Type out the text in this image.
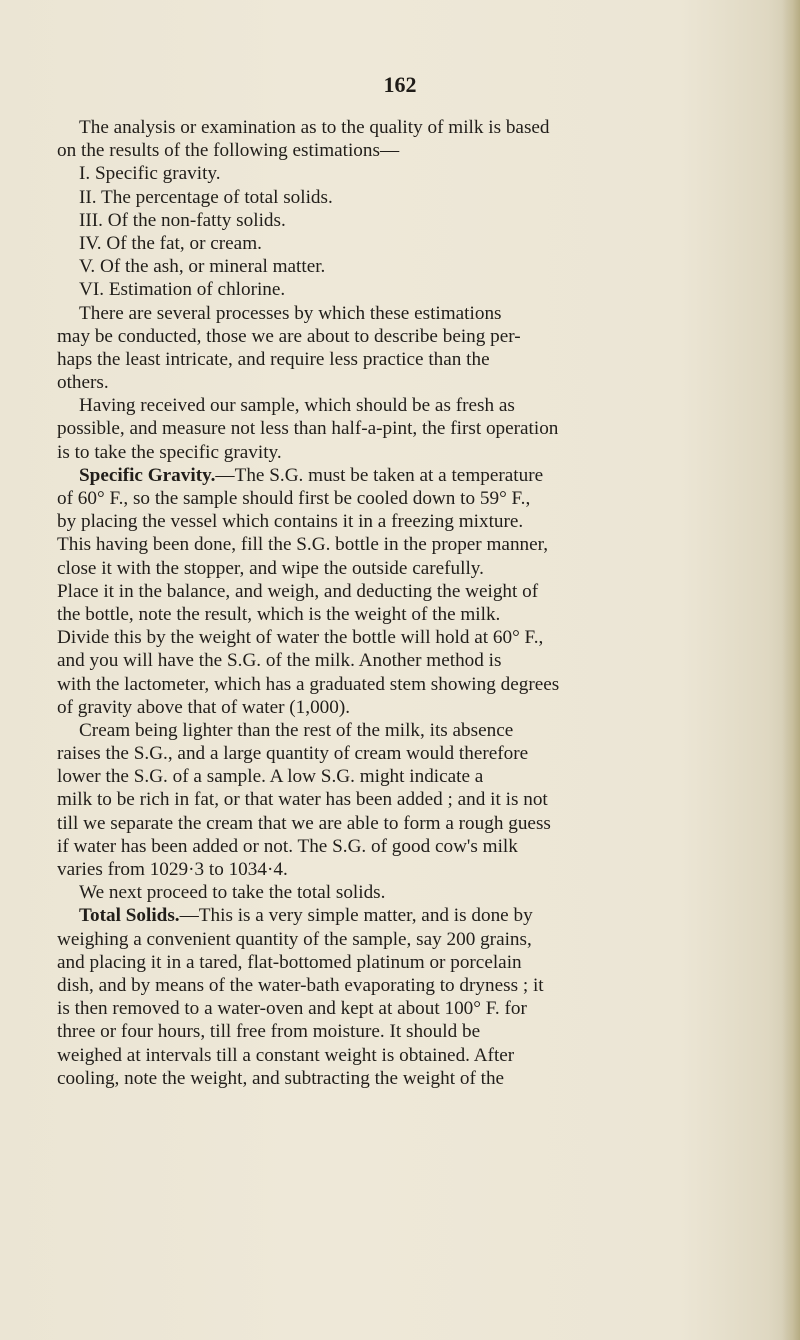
162
The analysis or examination as to the quality of milk is based
on the results of the following estimations—
I. Specific gravity.
II. The percentage of total solids.
III. Of the non-fatty solids.
IV. Of the fat, or cream.
V. Of the ash, or mineral matter.
VI. Estimation of chlorine.
There are several processes by which these estimations
may be conducted, those we are about to describe being per-
haps the least intricate, and require less practice than the
others.
Having received our sample, which should be as fresh as
possible, and measure not less than half-a-pint, the first operation
is to take the specific gravity.
Specific Gravity.—The S.G. must be taken at a temperature
of 60° F., so the sample should first be cooled down to 59° F.,
by placing the vessel which contains it in a freezing mixture.
This having been done, fill the S.G. bottle in the proper manner,
close it with the stopper, and wipe the outside carefully.
Place it in the balance, and weigh, and deducting the weight of
the bottle, note the result, which is the weight of the milk.
Divide this by the weight of water the bottle will hold at 60° F.,
and you will have the S.G. of the milk. Another method is
with the lactometer, which has a graduated stem showing degrees
of gravity above that of water (1,000).
Cream being lighter than the rest of the milk, its absence
raises the S.G., and a large quantity of cream would therefore
lower the S.G. of a sample. A low S.G. might indicate a
milk to be rich in fat, or that water has been added ; and it is not
till we separate the cream that we are able to form a rough guess
if water has been added or not. The S.G. of good cow's milk
varies from 1029·3 to 1034·4.
We next proceed to take the total solids.
Total Solids.—This is a very simple matter, and is done by
weighing a convenient quantity of the sample, say 200 grains,
and placing it in a tared, flat-bottomed platinum or porcelain
dish, and by means of the water-bath evaporating to dryness ; it
is then removed to a water-oven and kept at about 100° F. for
three or four hours, till free from moisture. It should be
weighed at intervals till a constant weight is obtained. After
cooling, note the weight, and subtracting the weight of the
